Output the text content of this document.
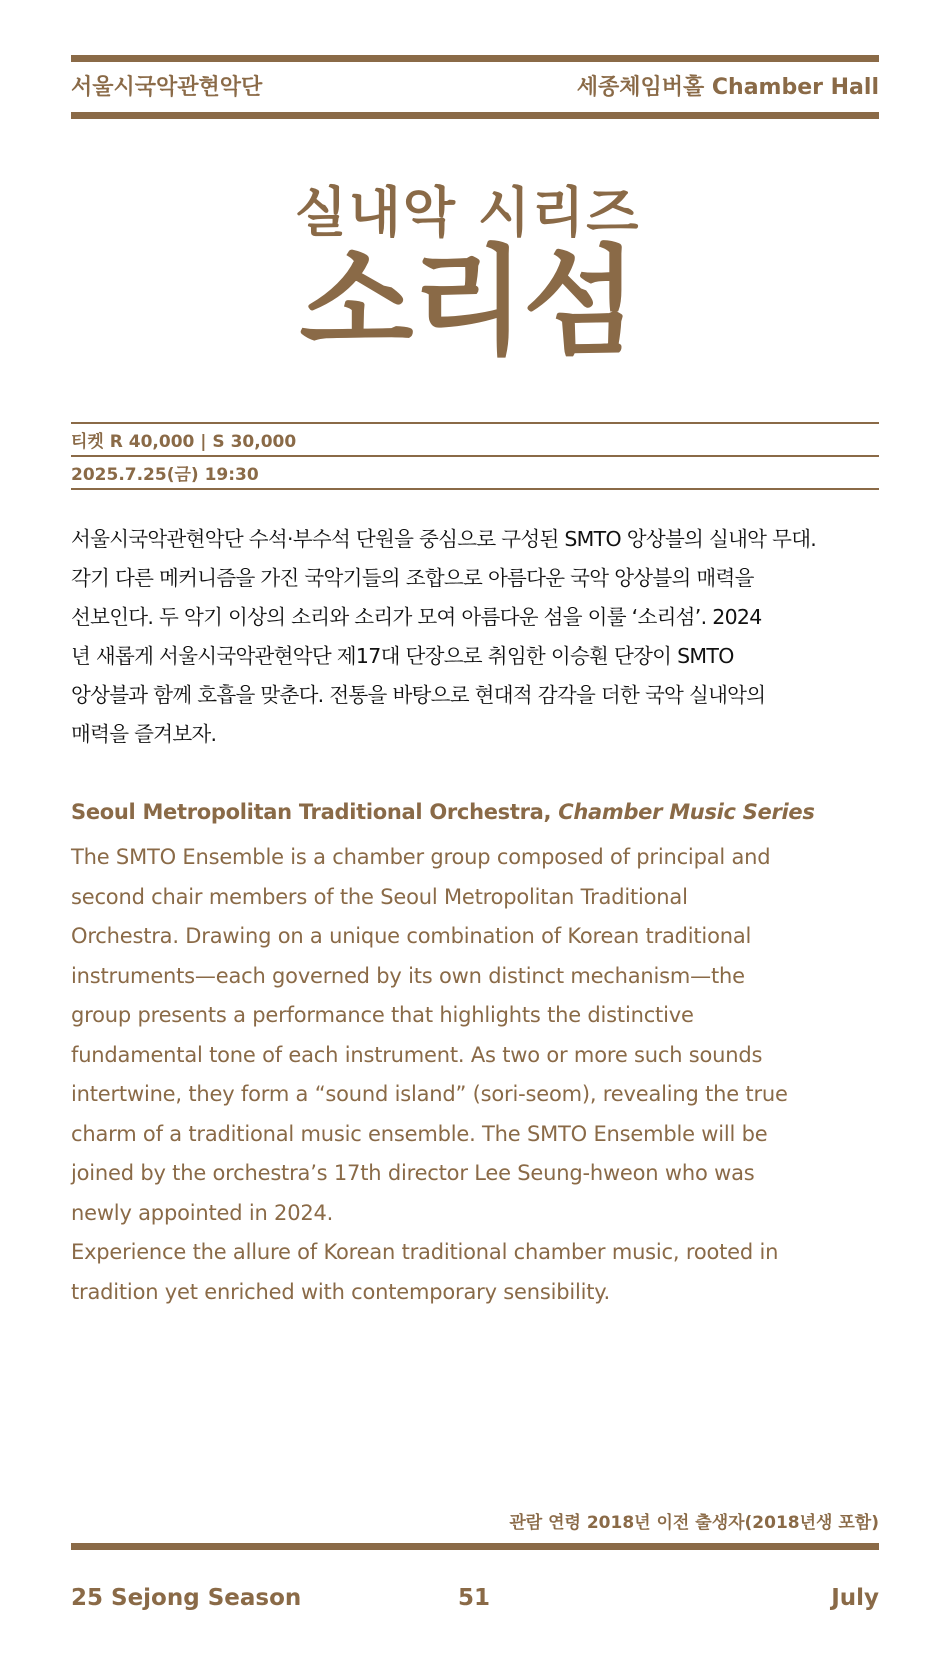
서울시국악관현악단	세종체임버홀 Chamber Hall
실내악 시리즈
소리섬
티켓 R 40,000 | S 30,000
2025.7.25(금) 19:30
서울시국악관현악단 수석·부수석 단원을 중심으로 구성된 SMTO 앙상블의 실내악 무대.
각기 다른 메커니즘을 가진 국악기들의 조합으로 아름다운 국악 앙상블의 매력을
선보인다. 두 악기 이상의 소리와 소리가 모여 아름다운 섬을 이룰 ‘소리섬’. 2024
년 새롭게 서울시국악관현악단 제17대 단장으로 취임한 이승훤 단장이 SMTO
앙상블과 함께 호흡을 맞춘다. 전통을 바탕으로 현대적 감각을 더한 국악 실내악의
매력을 즐겨보자.
Seoul Metropolitan Traditional Orchestra, Chamber Music Series
The SMTO Ensemble is a chamber group composed of principal and
second chair members of the Seoul Metropolitan Traditional
Orchestra. Drawing on a unique combination of Korean traditional
instruments—each governed by its own distinct mechanism—the
group presents a performance that highlights the distinctive
fundamental tone of each instrument. As two or more such sounds
intertwine, they form a “sound island” (sori-seom), revealing the true
charm of a traditional music ensemble. The SMTO Ensemble will be
joined by the orchestra’s 17th director Lee Seung-hweon who was
newly appointed in 2024.
Experience the allure of Korean traditional chamber music, rooted in
tradition yet enriched with contemporary sensibility.
관람 연령 2018년 이전 출생자(2018년생 포함)
25 Sejong Season	51	July
